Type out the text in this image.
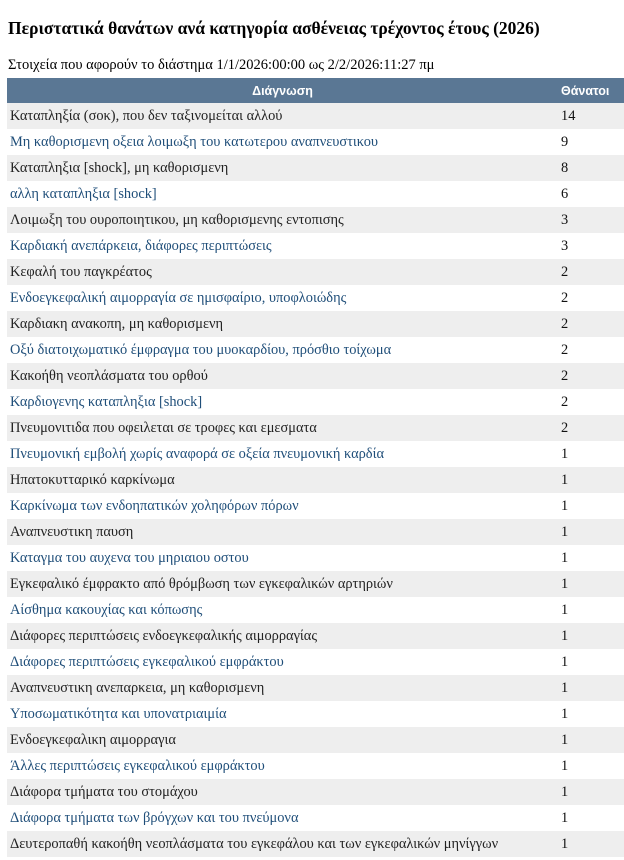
Περιστατικά θανάτων ανά κατηγορία ασθένειας τρέχοντος έτους (2026)
Στοιχεία που αφορούν το διάστημα 1/1/2026:00:00 ως 2/2/2026:11:27 πμ
Διάγνωση	Θάνατοι
Καταπληξία (σοκ), που δεν ταξινομείται αλλού	14
Μη καθορισμενη οξεια λοιμωξη του κατωτερου αναπνευστικου	9
Καταπληξια [shock], μη καθορισμενη	8
αλλη καταπληξια [shock]	6
Λοιμωξη του ουροποιητικου, μη καθορισμενης εντοπισης	3
Καρδιακή ανεπάρκεια, διάφορες περιπτώσεις	3
Κεφαλή του παγκρέατος	2
Ενδοεγκεφαλική αιμορραγία σε ημισφαίριο, υποφλοιώδης	2
Καρδιακη ανακοπη, μη καθορισμενη	2
Οξύ διατοιχωματικό έμφραγμα του μυοκαρδίου, πρόσθιο τοίχωμα	2
Κακοήθη νεοπλάσματα του ορθού	2
Καρδιογενης καταπληξια [shock]	2
Πνευμονιτιδα που οφειλεται σε τροφες και εμεσματα	2
Πνευμονική εμβολή χωρίς αναφορά σε οξεία πνευμονική καρδία	1
Ηπατοκυτταρικό καρκίνωμα	1
Καρκίνωμα των ενδοηπατικών χοληφόρων πόρων	1
Αναπνευστικη παυση	1
Καταγμα του αυχενα του μηριαιου οστου	1
Εγκεφαλικό έμφρακτο από θρόμβωση των εγκεφαλικών αρτηριών	1
Αίσθημα κακουχίας και κόπωσης	1
Διάφορες περιπτώσεις ενδοεγκεφαλικής αιμορραγίας	1
Διάφορες περιπτώσεις εγκεφαλικού εμφράκτου	1
Αναπνευστικη ανεπαρκεια, μη καθορισμενη	1
Υποσωματικότητα και υπονατριαιμία	1
Ενδοεγκεφαλικη αιμορραγια	1
Άλλες περιπτώσεις εγκεφαλικού εμφράκτου	1
Διάφορα τμήματα του στομάχου	1
Διάφορα τμήματα των βρόγχων και του πνεύμονα	1
Δευτεροπαθή κακοήθη νεοπλάσματα του εγκεφάλου και των εγκεφαλικών μηνίγγων	1
